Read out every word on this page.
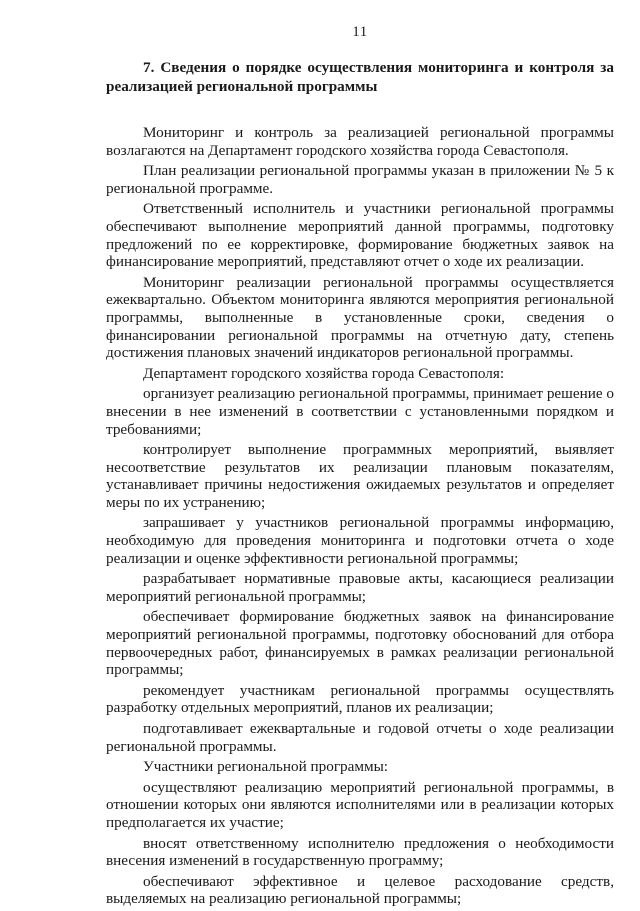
11
7. Сведения о порядке осуществления мониторинга и контроля за реализацией региональной программы

Мониторинг и контроль за реализацией региональной программы возлагаются на Департамент городского хозяйства города Севастополя.

План реализации региональной программы указан в приложении № 5 к региональной программе.

Ответственный исполнитель и участники региональной программы обеспечивают выполнение мероприятий данной программы, подготовку предложений по ее корректировке, формирование бюджетных заявок на финансирование мероприятий, представляют отчет о ходе их реализации.

Мониторинг реализации региональной программы осуществляется ежеквартально. Объектом мониторинга являются мероприятия региональной программы, выполненные в установленные сроки, сведения о финансировании региональной программы на отчетную дату, степень достижения плановых значений индикаторов региональной программы.

Департамент городского хозяйства города Севастополя:

организует реализацию региональной программы, принимает решение о внесении в нее изменений в соответствии с установленными порядком и требованиями;

контролирует выполнение программных мероприятий, выявляет несоответствие результатов их реализации плановым показателям, устанавливает причины недостижения ожидаемых результатов и определяет меры по их устранению;

запрашивает у участников региональной программы информацию, необходимую для проведения мониторинга и подготовки отчета о ходе реализации и оценке эффективности региональной программы;

разрабатывает нормативные правовые акты, касающиеся реализации мероприятий региональной программы;

обеспечивает формирование бюджетных заявок на финансирование мероприятий региональной программы, подготовку обоснований для отбора первоочередных работ, финансируемых в рамках реализации региональной программы;

рекомендует участникам региональной программы осуществлять разработку отдельных мероприятий, планов их реализации;

подготавливает ежеквартальные и годовой отчеты о ходе реализации региональной программы.

Участники региональной программы:

осуществляют реализацию мероприятий региональной программы, в отношении которых они являются исполнителями или в реализации которых предполагается их участие;

вносят ответственному исполнителю предложения о необходимости внесения изменений в государственную программу;

обеспечивают эффективное и целевое расходование средств, выделяемых на реализацию региональной программы;
